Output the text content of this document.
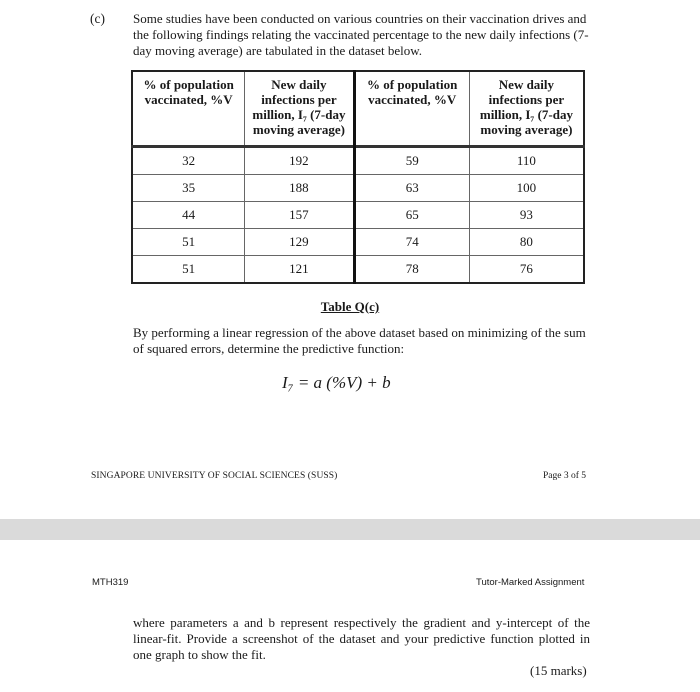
(c) Some studies have been conducted on various countries on their vaccination drives and the following findings relating the vaccinated percentage to the new daily infections (7-day moving average) are tabulated in the dataset below.
% of population vaccinated, %V	New daily infections per million, I₇ (7-day moving average)	% of population vaccinated, %V	New daily infections per million, I₇ (7-day moving average)
32	192	59	110
35	188	63	100
44	157	65	93
51	129	74	80
51	121	78	76
Table Q(c)
By performing a linear regression of the above dataset based on minimizing of the sum of squared errors, determine the predictive function:
I₇ = a (%V) + b
SINGAPORE UNIVERSITY OF SOCIAL SCIENCES (SUSS)	Page 3 of 5
MTH319	Tutor-Marked Assignment
where parameters a and b represent respectively the gradient and y-intercept of the linear-fit. Provide a screenshot of the dataset and your predictive function plotted in one graph to show the fit.
(15 marks)
